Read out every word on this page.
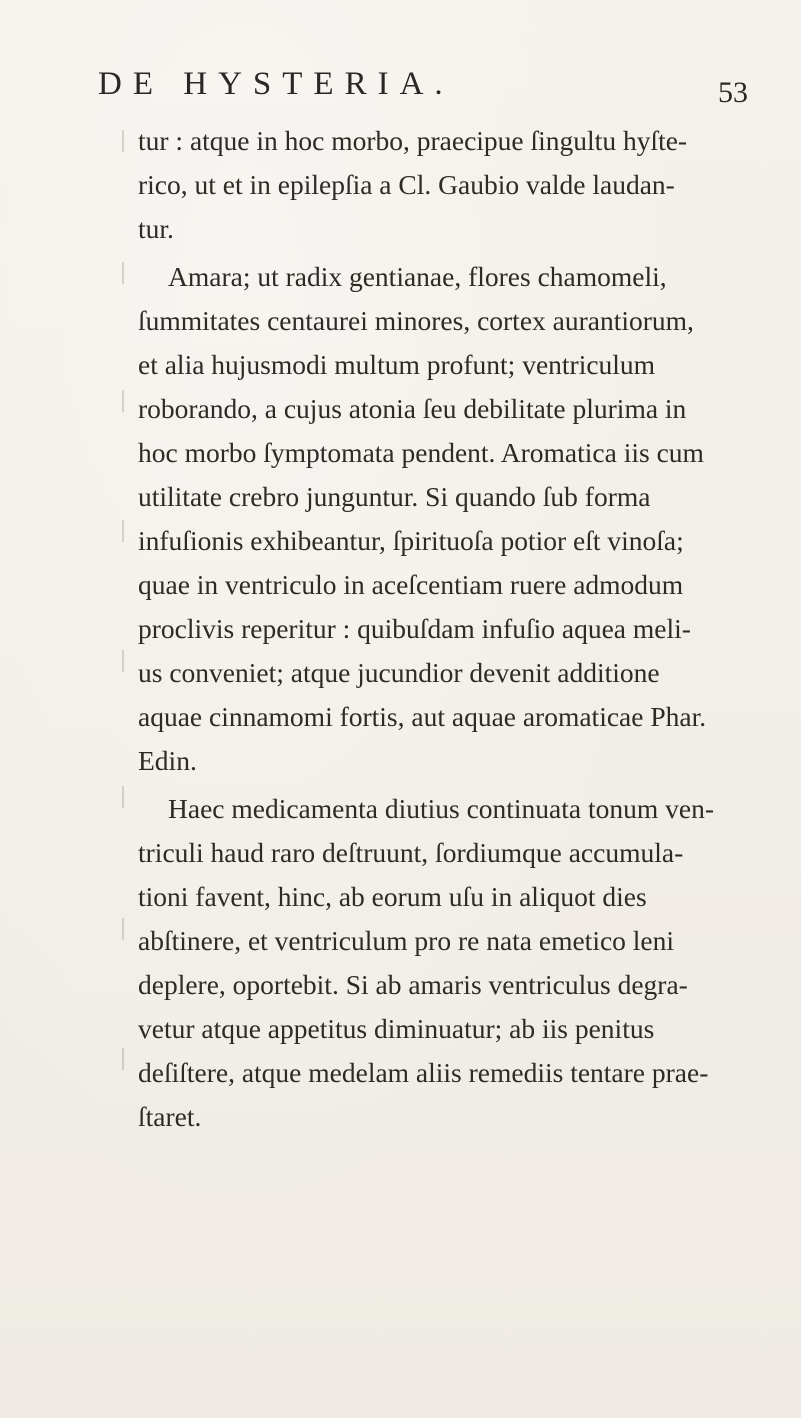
DE HYSTERIA.	53
tur : atque in hoc morbo, praecipue ſingultu hyſte-
rico, ut et in epilepſia a Cl. Gaubio valde laudan-
tur.
Amara; ut radix gentianae, flores chamomeli,
ſummitates centaurei minores, cortex aurantiorum,
et alia hujusmodi multum profunt; ventriculum
roborando, a cujus atonia ſeu debilitate plurima in
hoc morbo ſymptomata pendent. Aromatica iis cum
utilitate crebro junguntur. Si quando ſub forma
infuſionis exhibeantur, ſpirituoſa potior eſt vinoſa;
quae in ventriculo in aceſcentiam ruere admodum
proclivis reperitur : quibuſdam infuſio aquea meli-
us conveniet; atque jucundior devenit additione
aquae cinnamomi fortis, aut aquae aromaticae Phar.
Edin.
Haec medicamenta diutius continuata tonum ven-
triculi haud raro deſtruunt, ſordiumque accumula-
tioni favent, hinc, ab eorum uſu in aliquot dies
abſtinere, et ventriculum pro re nata emetico leni
deplere, oportebit. Si ab amaris ventriculus degra-
vetur atque appetitus diminuatur; ab iis penitus
deſiſtere, atque medelam aliis remediis tentare prae-
ſtaret.
